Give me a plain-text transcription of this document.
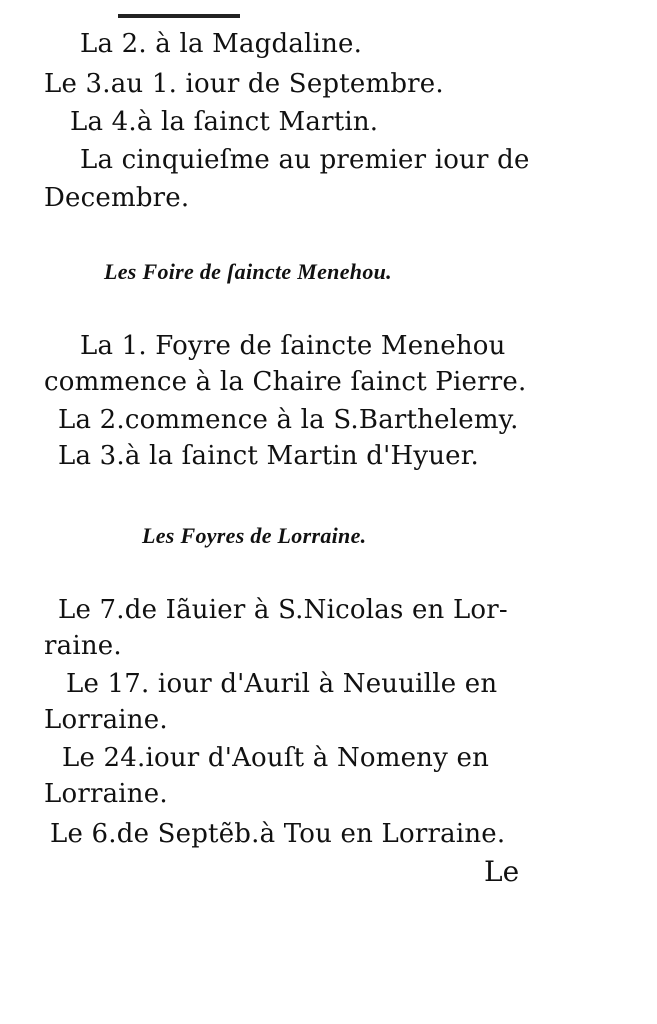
La 2. à la Magdaline.
Le 3.au 1. iour de Septembre.
La 4.à la ſainct Martin.
La cinquieſme au premier iour de
Decembre.
Les Foire de ſaincte Menehou.
La 1. Foyre de ſaincte Menehou
commence à la Chaire ſainct Pierre.
La 2.commence à la S.Barthelemy.
La 3.à la ſainct Martin d'Hyuer.
Les Foyres de Lorraine.
Le 7.de Iãuier à S.Nicolas en Lor-
raine.
Le 17. iour d'Auril à Neuuille en
Lorraine.
Le 24.iour d'Aouſt à Nomeny en
Lorraine.
Le 6.de Septẽb.à Tou en Lorraine.
Le
